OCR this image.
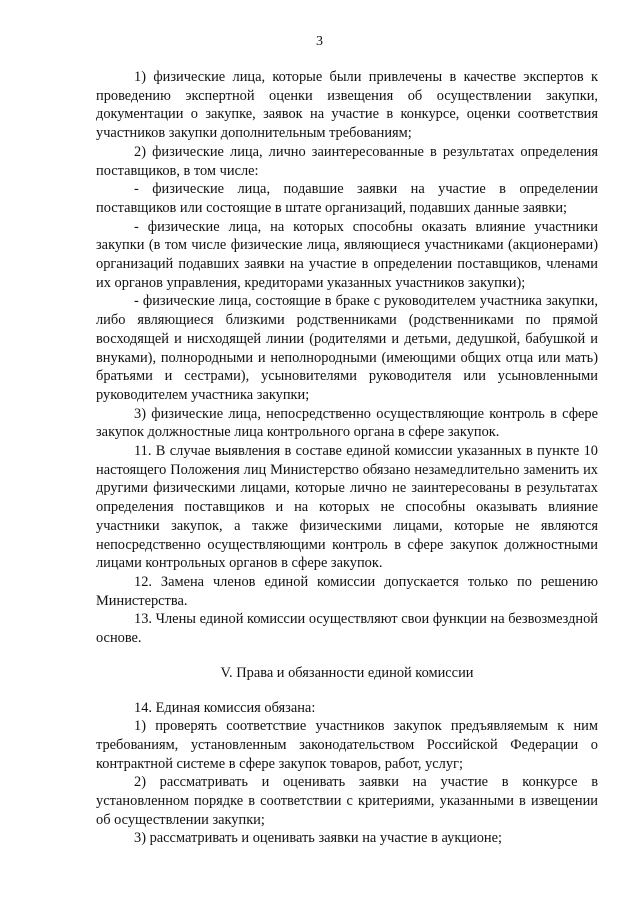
3

1) физические лица, которые были привлечены в качестве экспертов к проведению экспертной оценки извещения об осуществлении закупки, документации о закупке, заявок на участие в конкурсе, оценки соответствия участников закупки дополнительным требованиям;

2) физические лица, лично заинтересованные в результатах определения поставщиков, в том числе:

- физические лица, подавшие заявки на участие в определении поставщиков или состоящие в штате организаций, подавших данные заявки;

- физические лица, на которых способны оказать влияние участники закупки (в том числе физические лица, являющиеся участниками (акционерами) организаций подавших заявки на участие в определении поставщиков, членами их органов управления, кредиторами указанных участников закупки);

- физические лица, состоящие в браке с руководителем участника закупки, либо являющиеся близкими родственниками (родственниками по прямой восходящей и нисходящей линии (родителями и детьми, дедушкой, бабушкой и внуками), полнородными и неполнородными (имеющими общих отца или мать) братьями и сестрами), усыновителями руководителя или усыновленными руководителем участника закупки;

3) физические лица, непосредственно осуществляющие контроль в сфере закупок должностные лица контрольного органа в сфере закупок.

11. В случае выявления в составе единой комиссии указанных в пункте 10 настоящего Положения лиц Министерство обязано незамедлительно заменить их другими физическими лицами, которые лично не заинтересованы в результатах определения поставщиков и на которых не способны оказывать влияние участники закупок, а также физическими лицами, которые не являются непосредственно осуществляющими контроль в сфере закупок должностными лицами контрольных органов в сфере закупок.

12. Замена членов единой комиссии допускается только по решению Министерства.

13. Члены единой комиссии осуществляют свои функции на безвозмездной основе.

V. Права и обязанности единой комиссии

14. Единая комиссия обязана:

1) проверять соответствие участников закупок предъявляемым к ним требованиям, установленным законодательством Российской Федерации о контрактной системе в сфере закупок товаров, работ, услуг;

2) рассматривать и оценивать заявки на участие в конкурсе в установленном порядке в соответствии с критериями, указанными в извещении об осуществлении закупки;

3) рассматривать и оценивать заявки на участие в аукционе;
